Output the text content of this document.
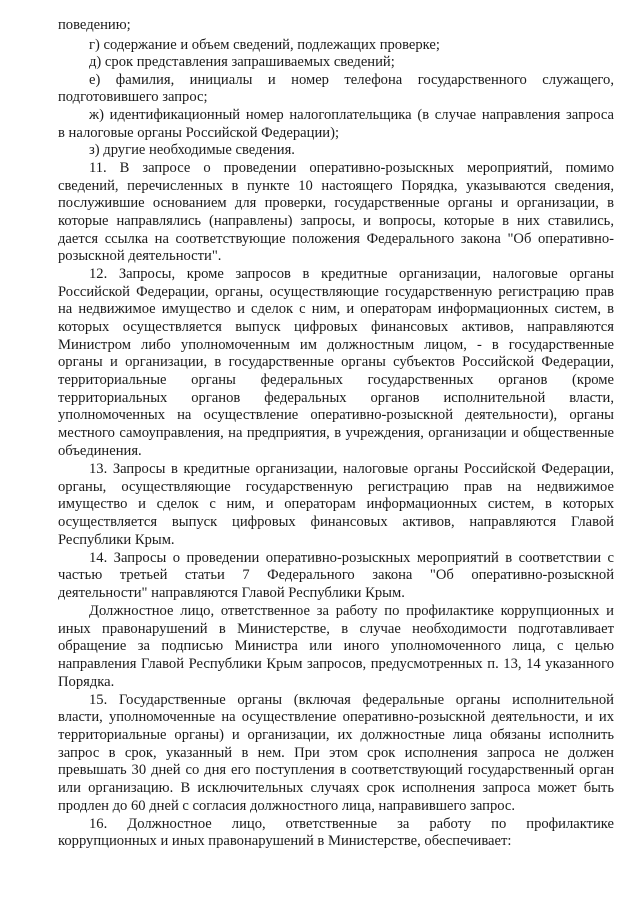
поведению;
г) содержание и объем сведений, подлежащих проверке;
д) срок представления запрашиваемых сведений;
е) фамилия, инициалы и номер телефона государственного служащего,
подготовившего запрос;
ж) идентификационный номер налогоплательщика (в случае направления запроса
в налоговые органы Российской Федерации);
з) другие необходимые сведения.
11. В запросе о проведении оперативно-розыскных мероприятий, помимо
сведений, перечисленных в пункте 10 настоящего Порядка, указываются сведения,
послужившие основанием для проверки, государственные органы и организации, в
которые направлялись (направлены) запросы, и вопросы, которые в них ставились,
дается ссылка на соответствующие положения Федерального закона "Об оперативно-
розыскной деятельности".
12. Запросы, кроме запросов в кредитные организации, налоговые органы
Российской Федерации, органы, осуществляющие государственную регистрацию прав
на недвижимое имущество и сделок с ним, и операторам информационных систем, в
которых осуществляется выпуск цифровых финансовых активов, направляются
Министром либо уполномоченным им должностным лицом, - в государственные
органы и организации, в государственные органы субъектов Российской Федерации,
территориальные органы федеральных государственных органов (кроме
территориальных органов федеральных органов исполнительной власти,
уполномоченных на осуществление оперативно-розыскной деятельности), органы
местного самоуправления, на предприятия, в учреждения, организации и общественные
объединения.
13. Запросы в кредитные организации, налоговые органы Российской Федерации,
органы, осуществляющие государственную регистрацию прав на недвижимое
имущество и сделок с ним, и операторам информационных систем, в которых
осуществляется выпуск цифровых финансовых активов, направляются Главой
Республики Крым.
14. Запросы о проведении оперативно-розыскных мероприятий в соответствии с
частью третьей статьи 7 Федерального закона "Об оперативно-розыскной
деятельности" направляются Главой Республики Крым.
Должностное лицо, ответственное за работу по профилактике коррупционных и
иных правонарушений в Министерстве, в случае необходимости подготавливает
обращение за подписью Министра или иного уполномоченного лица, с целью
направления Главой Республики Крым запросов, предусмотренных п. 13, 14 указанного
Порядка.
15. Государственные органы (включая федеральные органы исполнительной
власти, уполномоченные на осуществление оперативно-розыскной деятельности, и их
территориальные органы) и организации, их должностные лица обязаны исполнить
запрос в срок, указанный в нем. При этом срок исполнения запроса не должен
превышать 30 дней со дня его поступления в соответствующий государственный орган
или организацию. В исключительных случаях срок исполнения запроса может быть
продлен до 60 дней с согласия должностного лица, направившего запрос.
16. Должностное лицо, ответственные за работу по профилактике
коррупционных и иных правонарушений в Министерстве, обеспечивает:
